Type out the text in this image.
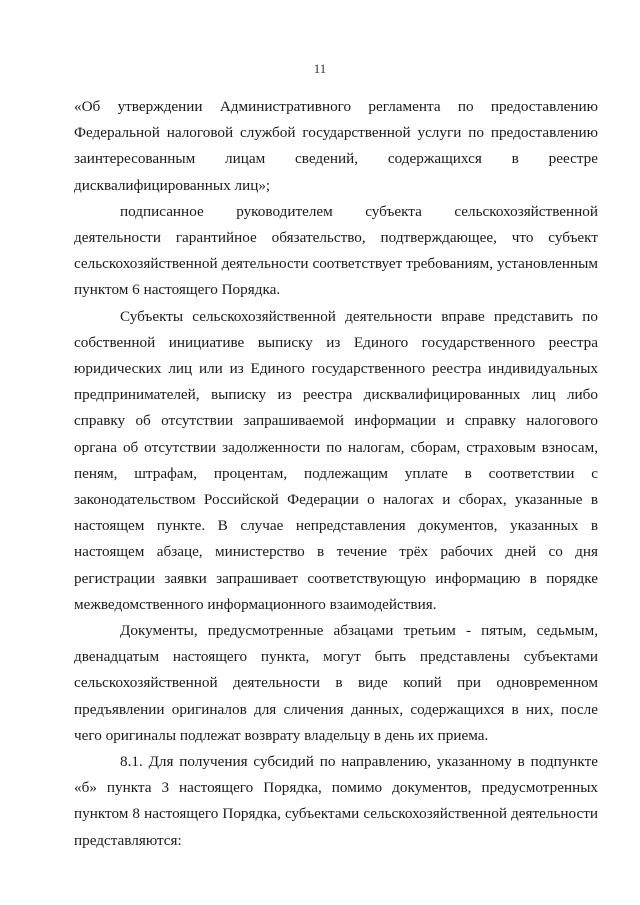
11

«Об утверждении Административного регламента по предоставлению Федеральной налоговой службой государственной услуги по предоставлению заинтересованным лицам сведений, содержащихся в реестре дисквалифицированных лиц»;

подписанное руководителем субъекта сельскохозяйственной деятельности гарантийное обязательство, подтверждающее, что субъект сельскохозяйственной деятельности соответствует требованиям, установленным пунктом 6 настоящего Порядка.

Субъекты сельскохозяйственной деятельности вправе представить по собственной инициативе выписку из Единого государственного реестра юридических лиц или из Единого государственного реестра индивидуальных предпринимателей, выписку из реестра дисквалифицированных лиц либо справку об отсутствии запрашиваемой информации и справку налогового органа об отсутствии задолженности по налогам, сборам, страховым взносам, пеням, штрафам, процентам, подлежащим уплате в соответствии с законодательством Российской Федерации о налогах и сборах, указанные в настоящем пункте. В случае непредставления документов, указанных в настоящем абзаце, министерство в течение трёх рабочих дней со дня регистрации заявки запрашивает соответствующую информацию в порядке межведомственного информационного взаимодействия.

Документы, предусмотренные абзацами третьим - пятым, седьмым, двенадцатым настоящего пункта, могут быть представлены субъектами сельскохозяйственной деятельности в виде копий при одновременном предъявлении оригиналов для сличения данных, содержащихся в них, после чего оригиналы подлежат возврату владельцу в день их приема.

8.1. Для получения субсидий по направлению, указанному в подпункте «б» пункта 3 настоящего Порядка, помимо документов, предусмотренных пунктом 8 настоящего Порядка, субъектами сельскохозяйственной деятельности представляются:
